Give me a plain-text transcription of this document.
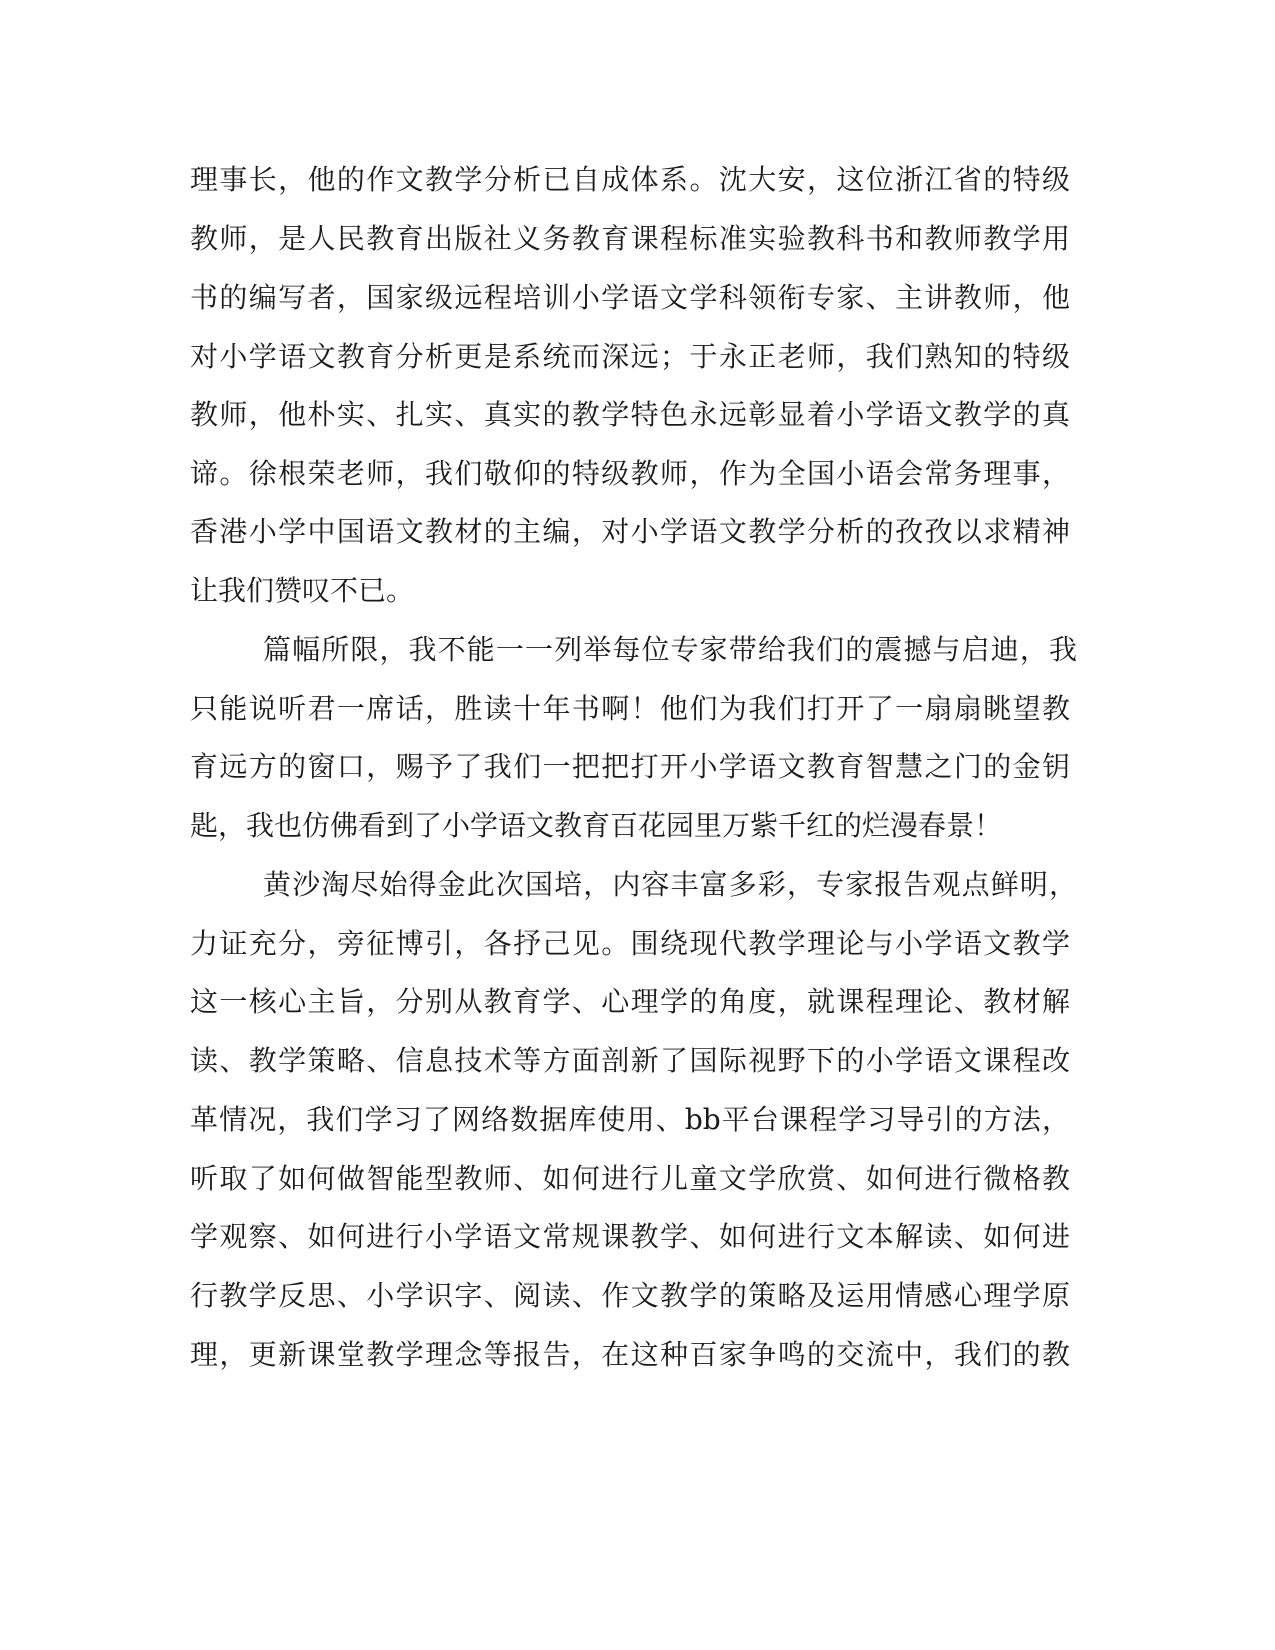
理事长，他的作文教学分析已自成体系。沈大安，这位浙江省的特级
教师，是人民教育出版社义务教育课程标准实验教科书和教师教学用
书的编写者，国家级远程培训小学语文学科领衔专家、主讲教师，他
对小学语文教育分析更是系统而深远；于永正老师，我们熟知的特级
教师，他朴实、扎实、真实的教学特色永远彰显着小学语文教学的真
谛。徐根荣老师，我们敬仰的特级教师，作为全国小语会常务理事，
香港小学中国语文教材的主编，对小学语文教学分析的孜孜以求精神
让我们赞叹不已。
篇幅所限，我不能一一列举每位专家带给我们的震撼与启迪，我
只能说听君一席话，胜读十年书啊！他们为我们打开了一扇扇眺望教
育远方的窗口，赐予了我们一把把打开小学语文教育智慧之门的金钥
匙，我也仿佛看到了小学语文教育百花园里万紫千红的烂漫春景！
黄沙淘尽始得金此次国培，内容丰富多彩，专家报告观点鲜明，
力证充分，旁征博引，各抒己见。围绕现代教学理论与小学语文教学
这一核心主旨，分别从教育学、心理学的角度，就课程理论、教材解
读、教学策略、信息技术等方面剖新了国际视野下的小学语文课程改
革情况，我们学习了网络数据库使用、bb平台课程学习导引的方法，
听取了如何做智能型教师、如何进行儿童文学欣赏、如何进行微格教
学观察、如何进行小学语文常规课教学、如何进行文本解读、如何进
行教学反思、小学识字、阅读、作文教学的策略及运用情感心理学原
理，更新课堂教学理念等报告，在这种百家争鸣的交流中，我们的教
